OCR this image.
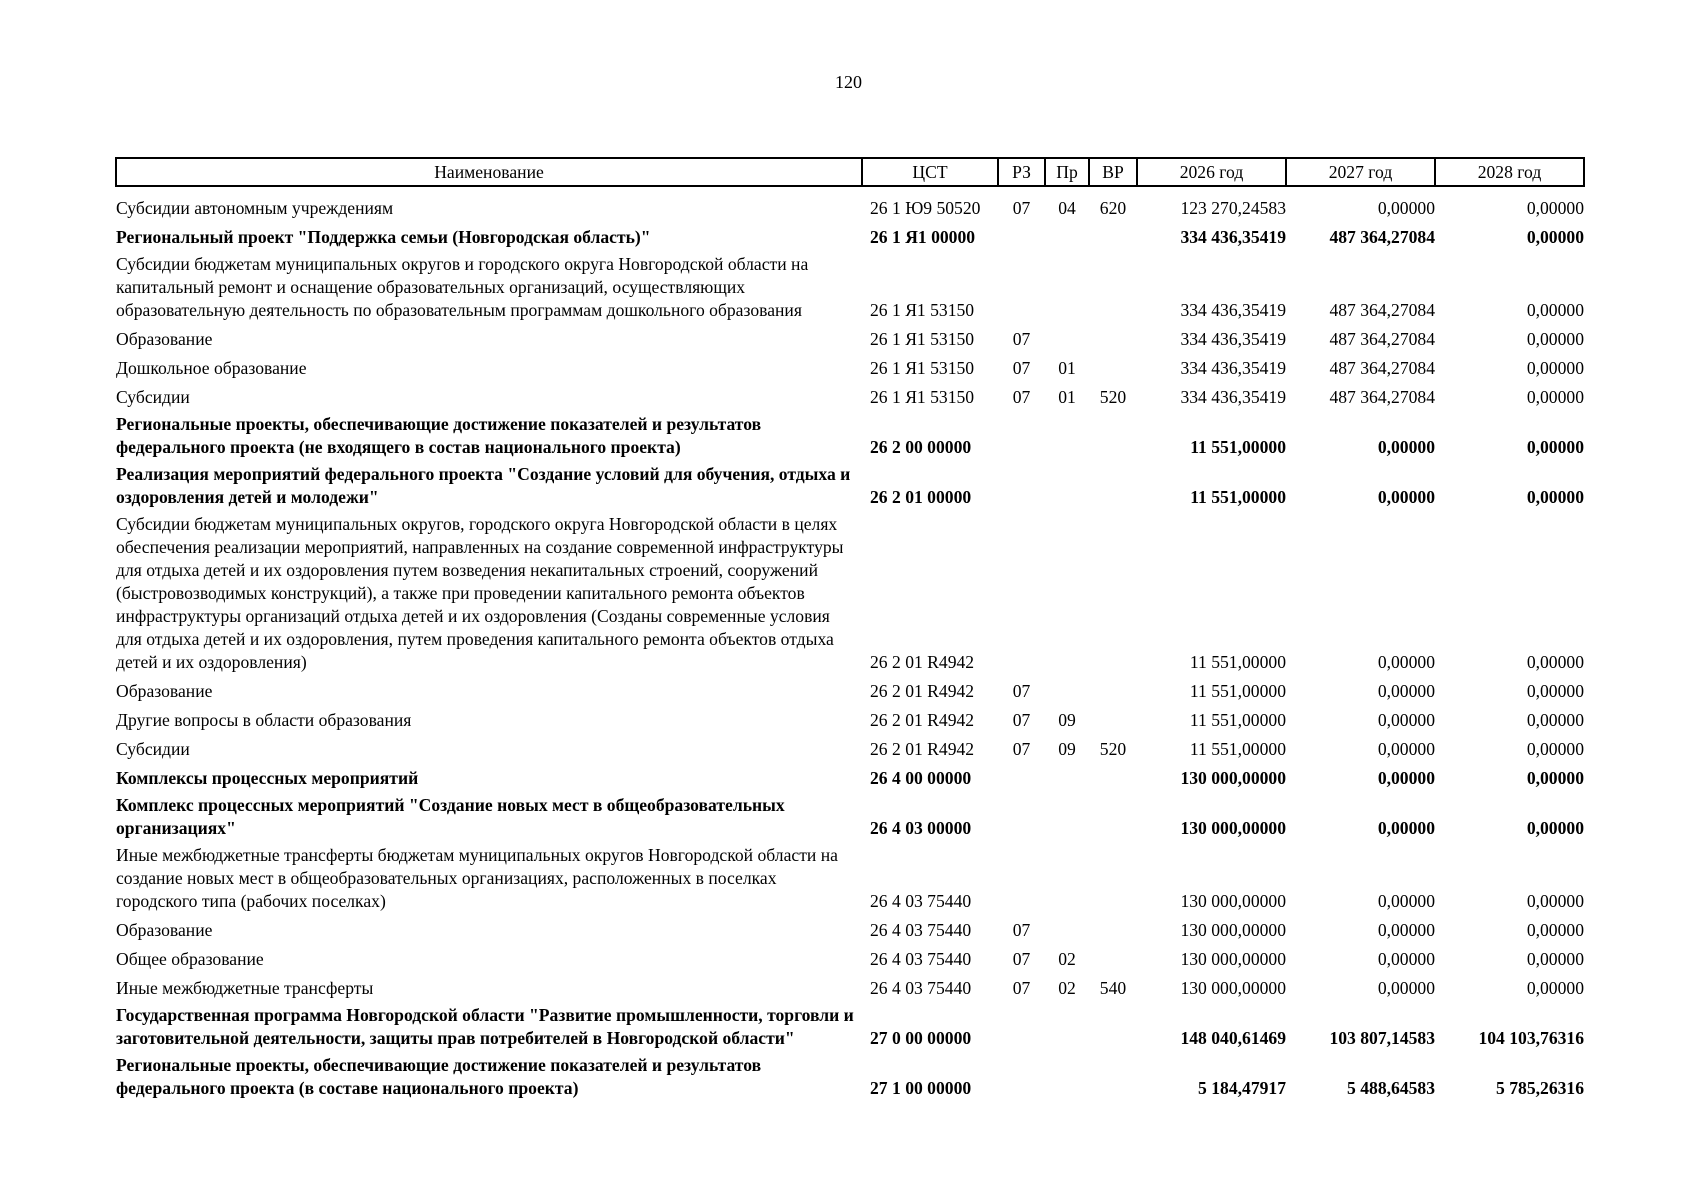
120
Наименование	ЦСТ	РЗ	Пр	ВР	2026 год	2027 год	2028 год
Субсидии автономным учреждениям	26 1 Ю9 50520	07	04	620	123 270,24583	0,00000	0,00000
Региональный проект "Поддержка семьи (Новгородская область)"	26 1 Я1 00000				334 436,35419	487 364,27084	0,00000
Субсидии бюджетам муниципальных округов и городского округа Новгородской области на капитальный ремонт и оснащение образовательных организаций, осуществляющих образовательную деятельность по образовательным программам дошкольного образования	26 1 Я1 53150				334 436,35419	487 364,27084	0,00000
Образование	26 1 Я1 53150	07			334 436,35419	487 364,27084	0,00000
Дошкольное образование	26 1 Я1 53150	07	01		334 436,35419	487 364,27084	0,00000
Субсидии	26 1 Я1 53150	07	01	520	334 436,35419	487 364,27084	0,00000
Региональные проекты, обеспечивающие достижение показателей и результатов федерального проекта (не входящего в состав национального проекта)	26 2 00 00000				11 551,00000	0,00000	0,00000
Реализация мероприятий федерального проекта "Создание условий для обучения, отдыха и оздоровления детей и молодежи"	26 2 01 00000				11 551,00000	0,00000	0,00000
Субсидии бюджетам муниципальных округов, городского округа Новгородской области в целях обеспечения реализации мероприятий, направленных на создание современной инфраструктуры для отдыха детей и их оздоровления путем возведения некапитальных строений, сооружений (быстровозводимых конструкций), а также при проведении капитального ремонта объектов инфраструктуры организаций отдыха детей и их оздоровления (Созданы современные условия для отдыха детей и их оздоровления, путем проведения капитального ремонта объектов отдыха детей и их оздоровления)	26 2 01 R4942				11 551,00000	0,00000	0,00000
Образование	26 2 01 R4942	07			11 551,00000	0,00000	0,00000
Другие вопросы в области образования	26 2 01 R4942	07	09		11 551,00000	0,00000	0,00000
Субсидии	26 2 01 R4942	07	09	520	11 551,00000	0,00000	0,00000
Комплексы процессных мероприятий	26 4 00 00000				130 000,00000	0,00000	0,00000
Комплекс процессных мероприятий "Создание новых мест в общеобразовательных организациях"	26 4 03 00000				130 000,00000	0,00000	0,00000
Иные межбюджетные трансферты бюджетам муниципальных округов Новгородской области на создание новых мест в общеобразовательных организациях, расположенных в поселках городского типа (рабочих поселках)	26 4 03 75440				130 000,00000	0,00000	0,00000
Образование	26 4 03 75440	07			130 000,00000	0,00000	0,00000
Общее образование	26 4 03 75440	07	02		130 000,00000	0,00000	0,00000
Иные межбюджетные трансферты	26 4 03 75440	07	02	540	130 000,00000	0,00000	0,00000
Государственная программа Новгородской области "Развитие промышленности, торговли и заготовительной деятельности, защиты прав потребителей в Новгородской области"	27 0 00 00000				148 040,61469	103 807,14583	104 103,76316
Региональные проекты, обеспечивающие достижение показателей и результатов федерального проекта (в составе национального проекта)	27 1 00 00000				5 184,47917	5 488,64583	5 785,26316
